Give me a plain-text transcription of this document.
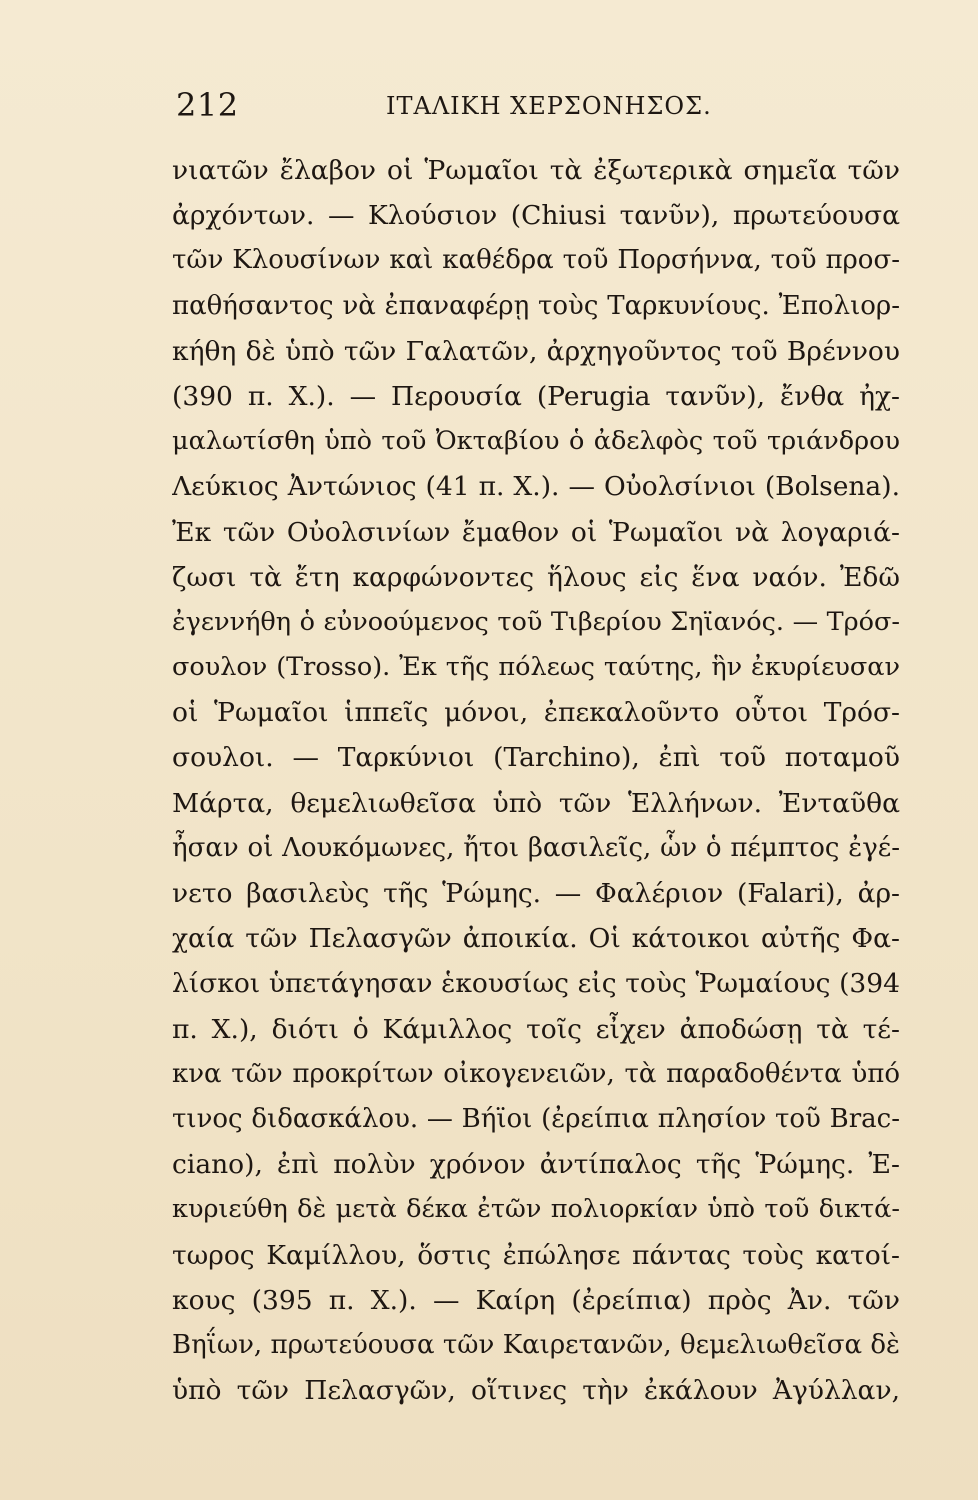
212	ΙΤΑΛΙΚΗ ΧΕΡΣΟΝΗΣΟΣ.
νιατῶν ἔλαβον οἱ Ῥωμαῖοι τὰ ἐξωτερικὰ σημεῖα τῶν
ἀρχόντων. — Κλούσιον (Chiusi τανῦν), πρωτεύουσα
τῶν Κλουσίνων καὶ καθέδρα τοῦ Πορσήννα, τοῦ προσ-
παθήσαντος νὰ ἐπαναφέρῃ τοὺς Ταρκυνίους. Ἐπολιορ-
κήθη δὲ ὑπὸ τῶν Γαλατῶν, ἀρχηγοῦντος τοῦ Βρέννου
(390 π. Χ.). — Περουσία (Perugia τανῦν), ἔνθα ἠχ-
μαλωτίσθη ὑπὸ τοῦ Ὀκταβίου ὁ ἀδελφὸς τοῦ τριάνδρου
Λεύκιος Ἀντώνιος (41 π. Χ.). — Οὐολσίνιοι (Bolsena).
Ἐκ τῶν Οὐολσινίων ἔμαθον οἱ Ῥωμαῖοι νὰ λογαριά-
ζωσι τὰ ἔτη καρφώνοντες ἥλους εἰς ἕνα ναόν. Ἐδῶ
ἐγεννήθη ὁ εὐνοούμενος τοῦ Τιβερίου Σηϊανός. — Τρόσ-
σουλον (Trosso). Ἐκ τῆς πόλεως ταύτης, ἣν ἐκυρίευσαν
οἱ Ῥωμαῖοι ἱππεῖς μόνοι, ἐπεκαλοῦντο οὗτοι Τρόσ-
σουλοι. — Ταρκύνιοι (Tarchino), ἐπὶ τοῦ ποταμοῦ
Μάρτα, θεμελιωθεῖσα ὑπὸ τῶν Ἑλλήνων. Ἐνταῦθα
ἦσαν οἱ Λουκόμωνες, ἤτοι βασιλεῖς, ὧν ὁ πέμπτος ἐγέ-
νετο βασιλεὺς τῆς Ῥώμης. — Φαλέριον (Falari), ἀρ-
χαία τῶν Πελασγῶν ἀποικία. Οἱ κάτοικοι αὐτῆς Φα-
λίσκοι ὑπετάγησαν ἑκουσίως εἰς τοὺς Ῥωμαίους (394
π. Χ.), διότι ὁ Κάμιλλος τοῖς εἶχεν ἀποδώσῃ τὰ τέ-
κνα τῶν προκρίτων οἰκογενειῶν, τὰ παραδοθέντα ὑπό
τινος διδασκάλου. — Βήϊοι (ἐρείπια πλησίον τοῦ Brac-
ciano), ἐπὶ πολὺν χρόνον ἀντίπαλος τῆς Ῥώμης. Ἐ-
κυριεύθη δὲ μετὰ δέκα ἐτῶν πολιορκίαν ὑπὸ τοῦ δικτά-
τωρος Καμίλλου, ὅστις ἐπώλησε πάντας τοὺς κατοί-
κους (395 π. Χ.). — Καίρη (ἐρείπια) πρὸς Ἀν. τῶν
Βηΐων, πρωτεύουσα τῶν Καιρετανῶν, θεμελιωθεῖσα δὲ
ὑπὸ τῶν Πελασγῶν, οἵτινες τὴν ἐκάλουν Ἀγύλλαν,
